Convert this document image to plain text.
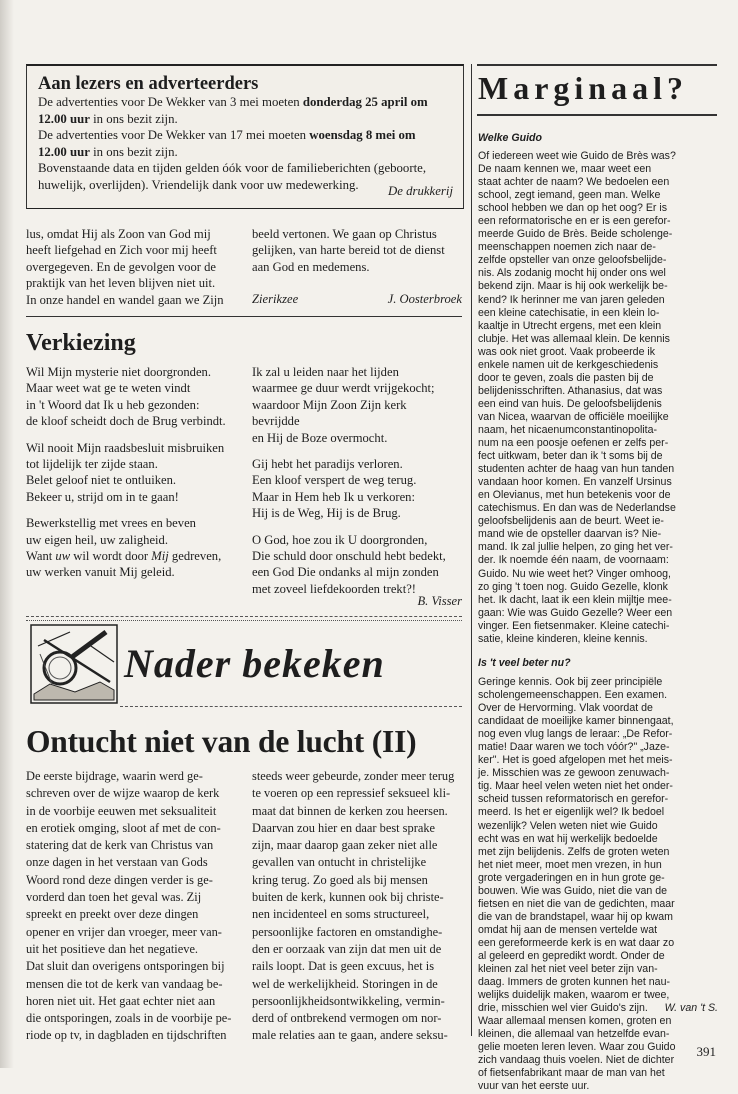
Aan lezers en adverteerders
De advertenties voor De Wekker van 3 mei moeten donderdag 25 april om
12.00 uur in ons bezit zijn.
De advertenties voor De Wekker van 17 mei moeten woensdag 8 mei om
12.00 uur in ons bezit zijn.
Bovenstaande data en tijden gelden óók voor de familieberichten (geboorte,
huwelijk, overlijden). Vriendelijk dank voor uw medewerking.	De drukkerij
lus, omdat Hij als Zoon van God mij
heeft liefgehad en Zich voor mij heeft
overgegeven. En de gevolgen voor de
praktijk van het leven blijven niet uit.
In onze handel en wandel gaan we Zijn
beeld vertonen. We gaan op Christus
gelijken, van harte bereid tot de dienst
aan God en medemens.
Zierikzee	J. Oosterbroek
Verkiezing
Wil Mijn mysterie niet doorgronden.
Maar weet wat ge te weten vindt
in 't Woord dat Ik u heb gezonden:
de kloof scheidt doch de Brug verbindt.
Wil nooit Mijn raadsbesluit misbruiken
tot lijdelijk ter zijde staan.
Belet geloof niet te ontluiken.
Bekeer u, strijd om in te gaan!
Bewerkstellig met vrees en beven
uw eigen heil, uw zaligheid.
Want uw wil wordt door Mij gedreven,
uw werken vanuit Mij geleid.
Ik zal u leiden naar het lijden
waarmee ge duur werdt vrijgekocht;
waardoor Mijn Zoon Zijn kerk
bevrijdde
en Hij de Boze overmocht.
Gij hebt het paradijs verloren.
Een kloof verspert de weg terug.
Maar in Hem heb Ik u verkoren:
Hij is de Weg, Hij is de Brug.
O God, hoe zou ik U doorgronden,
Die schuld door onschuld hebt bedekt,
een God Die ondanks al mijn zonden
met zoveel liefdekoorden trekt?!
B. Visser
Nader bekeken
Ontucht niet van de lucht (II)
De eerste bijdrage, waarin werd ge-
schreven over de wijze waarop de kerk
in de voorbije eeuwen met seksualiteit
en erotiek omging, sloot af met de con-
statering dat de kerk van Christus van
onze dagen in het verstaan van Gods
Woord rond deze dingen verder is ge-
vorderd dan toen het geval was. Zij
spreekt en preekt over deze dingen
opener en vrijer dan vroeger, meer van-
uit het positieve dan het negatieve.
Dat sluit dan overigens ontsporingen bij
mensen die tot de kerk van vandaag be-
horen niet uit. Het gaat echter niet aan
die ontsporingen, zoals in de voorbije pe-
riode op tv, in dagbladen en tijdschriften
steeds weer gebeurde, zonder meer terug
te voeren op een repressief seksueel kli-
maat dat binnen de kerken zou heersen.
Daarvan zou hier en daar best sprake
zijn, maar daarop gaan zeker niet alle
gevallen van ontucht in christelijke
kring terug. Zo goed als bij mensen
buiten de kerk, kunnen ook bij christe-
nen incidenteel en soms structureel,
persoonlijke factoren en omstandighe-
den er oorzaak van zijn dat men uit de
rails loopt. Dat is geen excuus, het is
wel de werkelijkheid. Storingen in de
persoonlijkheidsontwikkeling, vermin-
derd of ontbrekend vermogen om nor-
male relaties aan te gaan, andere seksu-
Marginaal?
Welke Guido
Of iedereen weet wie Guido de Brès was?
De naam kennen we, maar weet een
staat achter de naam? We bedoelen een
school, zegt iemand, geen man. Welke
school hebben we dan op het oog? Er is
een reformatorische en er is een gerefor-
meerde Guido de Brès. Beide scholenge-
meenschappen noemen zich naar de-
zelfde opsteller van onze geloofsbelijde-
nis. Als zodanig mocht hij onder ons wel
bekend zijn. Maar is hij ook werkelijk be-
kend? Ik herinner me van jaren geleden
een kleine catechisatie, in een klein lo-
kaaltje in Utrecht ergens, met een klein
clubje. Het was allemaal klein. De kennis
was ook niet groot. Vaak probeerde ik
enkele namen uit de kerkgeschiedenis
door te geven, zoals die pasten bij de
belijdenisschriften. Athanasius, dat was
een eind van huis. De geloofsbelijdenis
van Nicea, waarvan de officiële moeilijke
naam, het nicaenumconstantinopolita-
num na een poosje oefenen er zelfs per-
fect uitkwam, beter dan ik 't soms bij de
studenten achter de haag van hun tanden
vandaan hoor komen. En vanzelf Ursinus
en Olevianus, met hun betekenis voor de
catechismus. En dan was de Nederlandse
geloofsbelijdenis aan de beurt. Weet ie-
mand wie de opsteller daarvan is? Nie-
mand. Ik zal jullie helpen, zo ging het ver-
der. Ik noemde één naam, de voornaam:
Guido. Nu wie weet het? Vinger omhoog,
zo ging 't toen nog. Guido Gezelle, klonk
het. Ik dacht, laat ik een klein mijltje mee-
gaan: Wie was Guido Gezelle? Weer een
vinger. Een fietsenmaker. Kleine catechi-
satie, kleine kinderen, kleine kennis.
Is 't veel beter nu?
Geringe kennis. Ook bij zeer principiële
scholengemeenschappen. Een examen.
Over de Hervorming. Vlak voordat de
candidaat de moeilijke kamer binnengaat,
nog even vlug langs de leraar: „De Refor-
matie! Daar waren we toch vóór?" „Jaze-
ker". Het is goed afgelopen met het meis-
je. Misschien was ze gewoon zenuwach-
tig. Maar heel velen weten niet het onder-
scheid tussen reformatorisch en gerefor-
meerd. Is het er eigenlijk wel? Ik bedoel
wezenlijk? Velen weten niet wie Guido
echt was en wat hij werkelijk bedoelde
met zijn belijdenis. Zelfs de groten weten
het niet meer, moet men vrezen, in hun
grote vergaderingen en in hun grote ge-
bouwen. Wie was Guido, niet die van de
fietsen en niet die van de gedichten, maar
die van de brandstapel, waar hij op kwam
omdat hij aan de mensen vertelde wat
een gereformeerde kerk is en wat daar zo
al geleerd en gepredikt wordt. Onder de
kleinen zal het niet veel beter zijn van-
daag. Immers de groten kunnen het nau-
welijks duidelijk maken, waarom er twee,
drie, misschien wel vier Guido's zijn.
Waar allemaal mensen komen, groten en
kleinen, die allemaal van hetzelfde evan-
gelie moeten leren leven. Waar zou Guido
zich vandaag thuis voelen. Niet de dichter
of fietsenfabrikant maar de man van het
vuur van het eerste uur.
W. van 't S.
391
